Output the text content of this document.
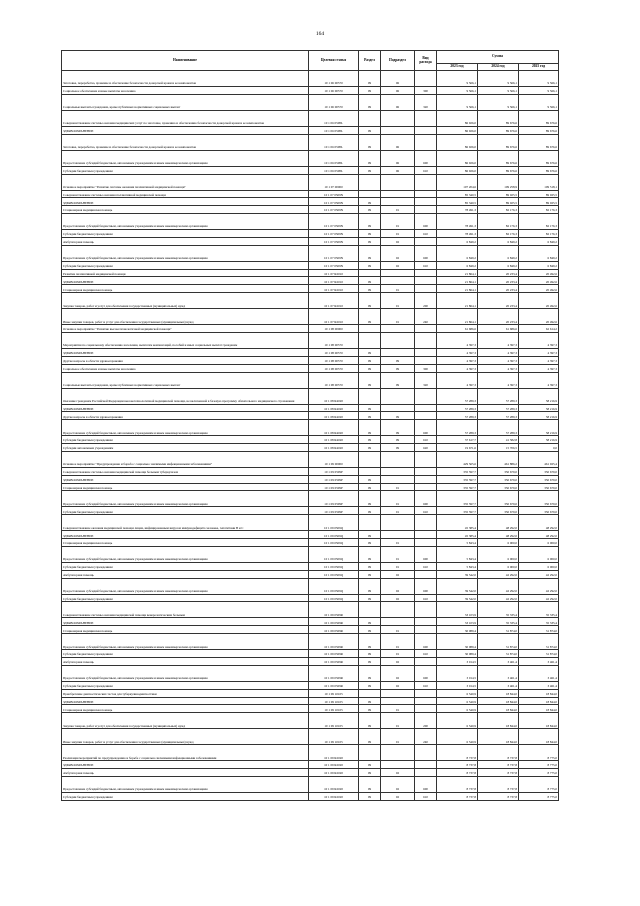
164
Наименование	Целевая статья	Раздел	Подраздел	Вид расхода	Сумма		
					2023 год	2024 год	2025 год
Заготовка, переработка, хранение и обеспечение безопасности донорской крови и ее компонентов	10 1 06 00570	09	06		9 566,1	9 566,1	9 566,1
Социальное обеспечение и иные выплаты населению	10 1 06 00570	09	06	300	9 566,1	9 566,1	9 566,1
Социальные выплаты гражданам, кроме публичных нормативных социальных выплат	10 1 06 00570	09	06	320	9 566,1	9 566,1	9 566,1
Совершенствование системы оказания медицинских услуг по заготовке, хранению и обеспечению безопасности донорской крови и ее компонентов	10 1 06 0508L				86 926,0	89 676,6	89 676,6
ЗДРАВООХРАНЕНИЕ	10 1 06 0508L	09			86 926,0	89 676,6	89 676,6
Заготовка, переработка, хранение и обеспечение безопасности донорской крови и ее компонентов	10 1 06 0508L	09	06		86 926,0	89 676,6	89 676,6
Предоставление субсидий бюджетным, автономным учреждениям и иным некоммерческим организациям	10 1 06 0508L	09	06	600	86 926,0	89 676,6	89 676,6
Субсидии бюджетным учреждениям	10 1 06 0508L	09	06	610	86 926,0	89 676,6	89 676,6
Основное мероприятие "Развитие системы оказания паллиативной медицинской помощи"	10 1 07 00000				107 204,6	109 258,9	109 518,1
Совершенствование системы оказания паллиативной медицинской помощи	10 1 07 0509N				85 340,5	89 025,5	89 025,5
ЗДРАВООХРАНЕНИЕ	10 1 07 0509N	09			85 340,5	89 025,5	89 025,5
Стационарная медицинская помощь	10 1 07 0509N	09	01		78 491,3	82 176,3	82 176,3
Предоставление субсидий бюджетным, автономным учреждениям и иным некоммерческим организациям	10 1 07 0509N	09	01	600	78 491,3	82 176,3	82 176,3
Субсидии бюджетным учреждениям	10 1 07 0509N	09	01	610	78 491,3	82 176,3	82 176,3
Амбулаторная помощь	10 1 07 0509N	09	02		6 849,2	6 849,2	6 849,2
Предоставление субсидий бюджетным, автономным учреждениям и иным некоммерческим организациям	10 1 07 0509N	09	02	600	6 849,2	6 849,2	6 849,2
Субсидии бюджетным учреждениям	10 1 07 0509N	09	02	610	6 849,2	6 849,2	6 849,2
Развитие паллиативной медицинской помощи	10 1 07 R2010				21 864,1	20 233,4	20 492,6
ЗДРАВООХРАНЕНИЕ	10 1 07 R2010	09			21 864,1	20 233,4	20 492,6
Стационарная медицинская помощь	10 1 07 R2010	09	01		21 864,1	20 233,4	20 492,6
Закупка товаров, работ и услуг для обеспечения государственных (муниципальных) нужд	10 1 07 R2010	09	01	200	21 864,1	20 233,4	20 492,6
Иные закупки товаров, работ и услуг для обеспечения государственных (муниципальных) нужд	10 1 07 R2010	09	01	240	21 864,1	20 233,4	20 492,6
Основное мероприятие "Развитие высокотехнологичной медицинской помощи"	10 1 08 00000				61 686,6	61 686,6	62 614,2
Мероприятия по социальному обеспечению населения, выплатам компенсаций, пособий и иных социальных выплат гражданам	10 1 08 00570				4 397,3	4 397,3	4 397,3
ЗДРАВООХРАНЕНИЕ	10 1 08 00570	09			4 397,3	4 397,3	4 397,3
Другие вопросы в области здравоохранения	10 1 08 00570	09	09		4 397,3	4 397,3	4 397,3
Социальное обеспечение и иные выплаты населению	10 1 08 00570	09	09	300	4 397,3	4 397,3	4 397,3
Социальные выплаты гражданам, кроме публичных нормативных социальных выплат	10 1 08 00570	09	09	320	4 397,3	4 397,3	4 397,3
Оказание гражданам Российской Федерации высокотехнологичной медицинской помощи, не включенной в базовую программу обязательного медицинского страхования	10 1 08 R4020				57 289,3	57 289,3	58 216,9
ЗДРАВООХРАНЕНИЕ	10 1 08 R4020	09			57 289,3	57 289,3	58 216,9
Другие вопросы в области здравоохранения	10 1 08 R4020	09	09		57 289,3	57 289,3	58 216,9
Предоставление субсидий бюджетным, автономным учреждениям и иным некоммерческим организациям	10 1 08 R4020	09	09	600	57 289,3	57 289,3	58 216,9
Субсидии бюджетным учреждениям	10 1 08 R4020	09	09	610	37 617,7	41 582,8	58 216,9
Субсидии автономным учреждениям	10 1 08 R4020	09	09	620	19 671,6	15 706,5	0,0
Основное мероприятие "Предупреждение и борьба с социально значимыми инфекционными заболеваниями"	10 1 09 00000				429 565,6	461 886,2	461 925,4
Совершенствование системы оказания медицинской помощи больным туберкулезом	10 1 09 0509P				335 597,7	350 679,0	350 679,0
ЗДРАВООХРАНЕНИЕ	10 1 09 0509P	09			335 597,7	350 679,0	350 679,0
Стационарная медицинская помощь	10 1 09 0509P	09	01		335 597,7	350 679,0	350 679,0
Предоставление субсидий бюджетным, автономным учреждениям и иным некоммерческим организациям	10 1 09 0509P	09	01	600	335 597,7	350 679,0	350 679,0
Субсидии бюджетным учреждениям	10 1 09 0509P	09	01	610	335 597,7	350 679,0	350 679,0
Совершенствование оказания медицинской помощи лицам, инфицированным вирусом иммунодефицита человека, гепатитами B и C	10 1 09 0509Q				45 385,4	48 292,0	48 292,0
ЗДРАВООХРАНЕНИЕ	10 1 09 0509Q	09			45 385,4	48 292,0	48 292,0
Стационарная медицинская помощь	10 1 09 0509Q	09	01		5 843,4	6 000,0	6 000,0
Предоставление субсидий бюджетным, автономным учреждениям и иным некоммерческим организациям	10 1 09 0509Q	09	01	600	5 843,4	6 000,0	6 000,0
Субсидии бюджетным учреждениям	10 1 09 0509Q	09	01	610	5 843,4	6 000,0	6 000,0
Амбулаторная помощь	10 1 09 0509Q	09	02		39 542,0	42 292,0	42 292,0
Предоставление субсидий бюджетным, автономным учреждениям и иным некоммерческим организациям	10 1 09 0509Q	09	02	600	39 542,0	42 292,0	42 292,0
Субсидии бюджетным учреждениям	10 1 09 0509Q	09	02	610	39 542,0	42 292,0	42 292,0
Совершенствование системы оказания медицинской помощи венерологическим больным	10 1 09 0509R				33 103,9	35 335,4	35 335,4
ЗДРАВООХРАНЕНИЕ	10 1 09 0509R	09			33 103,9	35 335,4	35 335,4
Стационарная медицинская помощь	10 1 09 0509R	09	01		30 089,4	31 874,0	31 874,0
Предоставление субсидий бюджетным, автономным учреждениям и иным некоммерческим организациям	10 1 09 0509R	09	01	600	30 089,4	31 874,0	31 874,0
Субсидии бюджетным учреждениям	10 1 09 0509R	09	01	610	30 089,4	31 874,0	31 874,0
Амбулаторная помощь	10 1 09 0509R	09	02		3 014,5	3 461,4	3 461,4
Предоставление субсидий бюджетным, автономным учреждениям и иным некоммерческим организациям	10 1 09 0509R	09	02	600	3 014,5	3 461,4	3 461,4
Субсидии бюджетным учреждениям	10 1 09 0509R	09	02	610	3 014,5	3 461,4	3 461,4
Приобретение диагностических тестов для туберкулинодиагностики	10 1 09 10105				6 540,9	18 844,0	18 844,0
ЗДРАВООХРАНЕНИЕ	10 1 09 10105	09			6 540,9	18 844,0	18 844,0
Стационарная медицинская помощь	10 1 09 10105	09	01		6 540,9	18 844,0	18 844,0
Закупка товаров, работ и услуг для обеспечения государственных (муниципальных) нужд	10 1 09 10105	09	01	200	6 540,9	18 844,0	18 844,0
Иные закупки товаров, работ и услуг для обеспечения государственных (муниципальных) нужд	10 1 09 10105	09	01	240	6 540,9	18 844,0	18 844,0
Реализация мероприятий по предупреждению и борьбе с социально значимыми инфекционными заболеваниями	10 1 09 R2020				8 737,8	8 737,8	8 775,0
ЗДРАВООХРАНЕНИЕ	10 1 09 R2020	09			8 737,8	8 737,8	8 775,0
Амбулаторная помощь	10 1 09 R2020	09	02		8 737,8	8 737,8	8 775,0
Предоставление субсидий бюджетным, автономным учреждениям и иным некоммерческим организациям	10 1 09 R2020	09	02	600	8 737,8	8 737,8	8 775,0
Субсидии бюджетным учреждениям	10 1 09 R2020	09	02	610	8 737,8	8 737,8	8 775,0
